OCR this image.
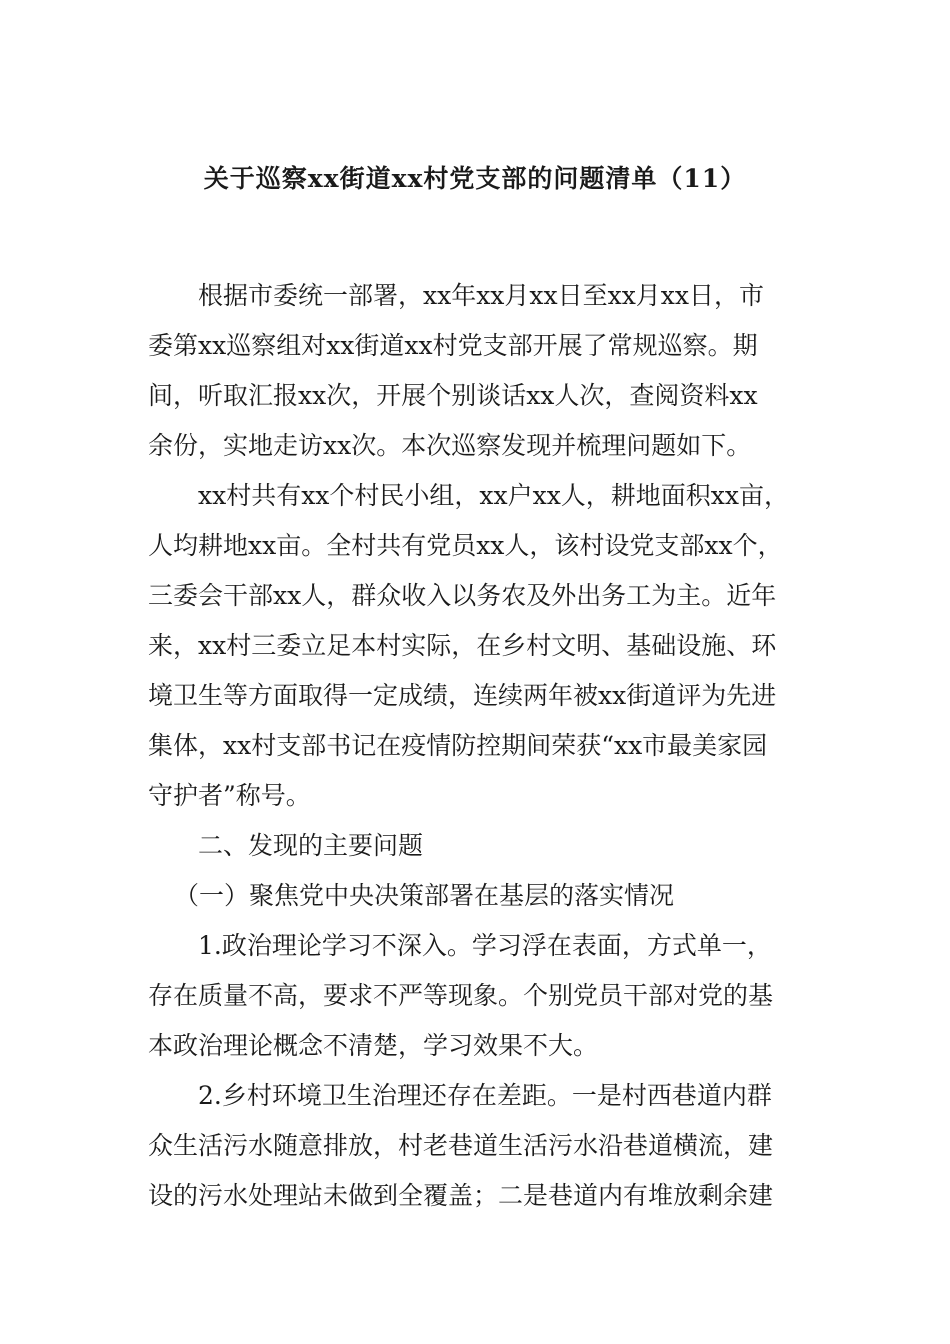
关于巡察xx街道xx村党支部的问题清单（11）
根据市委统一部署，xx年xx月xx日至xx月xx日，市
委第xx巡察组对xx街道xx村党支部开展了常规巡察。期
间，听取汇报xx次，开展个别谈话xx人次，查阅资料xx
余份，实地走访xx次。本次巡察发现并梳理问题如下。
xx村共有xx个村民小组，xx户xx人，耕地面积xx亩，
人均耕地xx亩。全村共有党员xx人，该村设党支部xx个，
三委会干部xx人，群众收入以务农及外出务工为主。近年
来，xx村三委立足本村实际，在乡村文明、基础设施、环
境卫生等方面取得一定成绩，连续两年被xx街道评为先进
集体，xx村支部书记在疫情防控期间荣获“xx市最美家园
守护者”称号。
二、发现的主要问题
（一）聚焦党中央决策部署在基层的落实情况
1.政治理论学习不深入。学习浮在表面，方式单一，
存在质量不高，要求不严等现象。个别党员干部对党的基
本政治理论概念不清楚，学习效果不大。
2.乡村环境卫生治理还存在差距。一是村西巷道内群
众生活污水随意排放，村老巷道生活污水沿巷道横流，建
设的污水处理站未做到全覆盖；二是巷道内有堆放剩余建
